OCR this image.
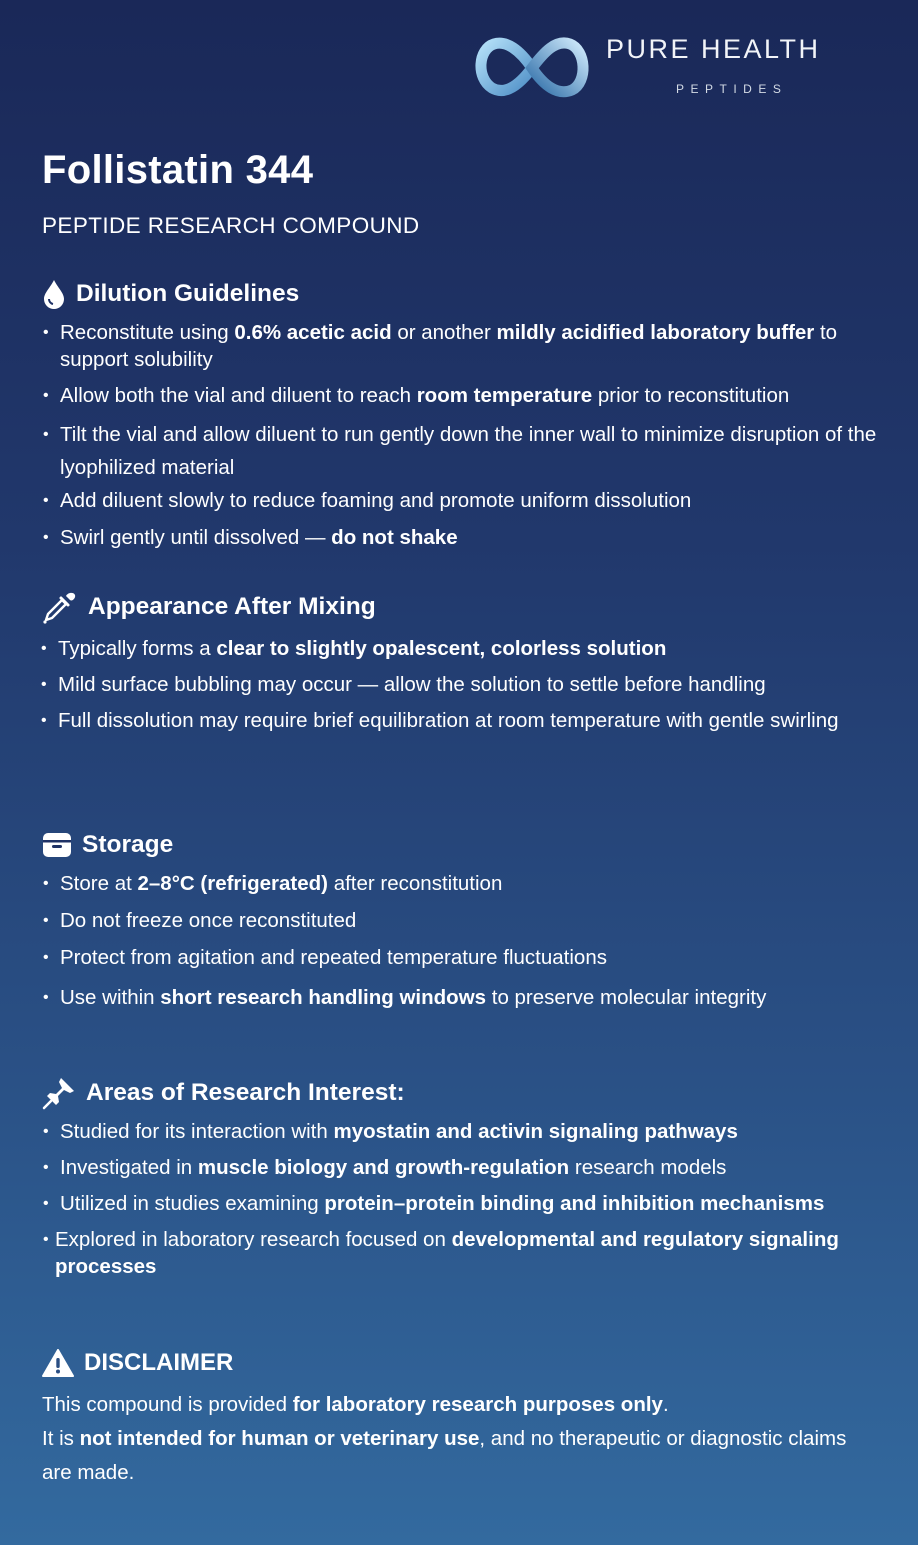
PURE HEALTH
PEPTIDES
Follistatin 344
PEPTIDE RESEARCH COMPOUND
Dilution Guidelines
• Reconstitute using 0.6% acetic acid or another mildly acidified laboratory buffer to support solubility
• Allow both the vial and diluent to reach room temperature prior to reconstitution
• Tilt the vial and allow diluent to run gently down the inner wall to minimize disruption of the lyophilized material
• Add diluent slowly to reduce foaming and promote uniform dissolution
• Swirl gently until dissolved — do not shake
Appearance After Mixing
• Typically forms a clear to slightly opalescent, colorless solution
• Mild surface bubbling may occur — allow the solution to settle before handling
• Full dissolution may require brief equilibration at room temperature with gentle swirling
Storage
• Store at 2–8°C (refrigerated) after reconstitution
• Do not freeze once reconstituted
• Protect from agitation and repeated temperature fluctuations
• Use within short research handling windows to preserve molecular integrity
Areas of Research Interest:
• Studied for its interaction with myostatin and activin signaling pathways
• Investigated in muscle biology and growth-regulation research models
• Utilized in studies examining protein–protein binding and inhibition mechanisms
• Explored in laboratory research focused on developmental and regulatory signaling processes
DISCLAIMER

This compound is provided for laboratory research purposes only.

It is not intended for human or veterinary use, and no therapeutic or diagnostic claims are made.
